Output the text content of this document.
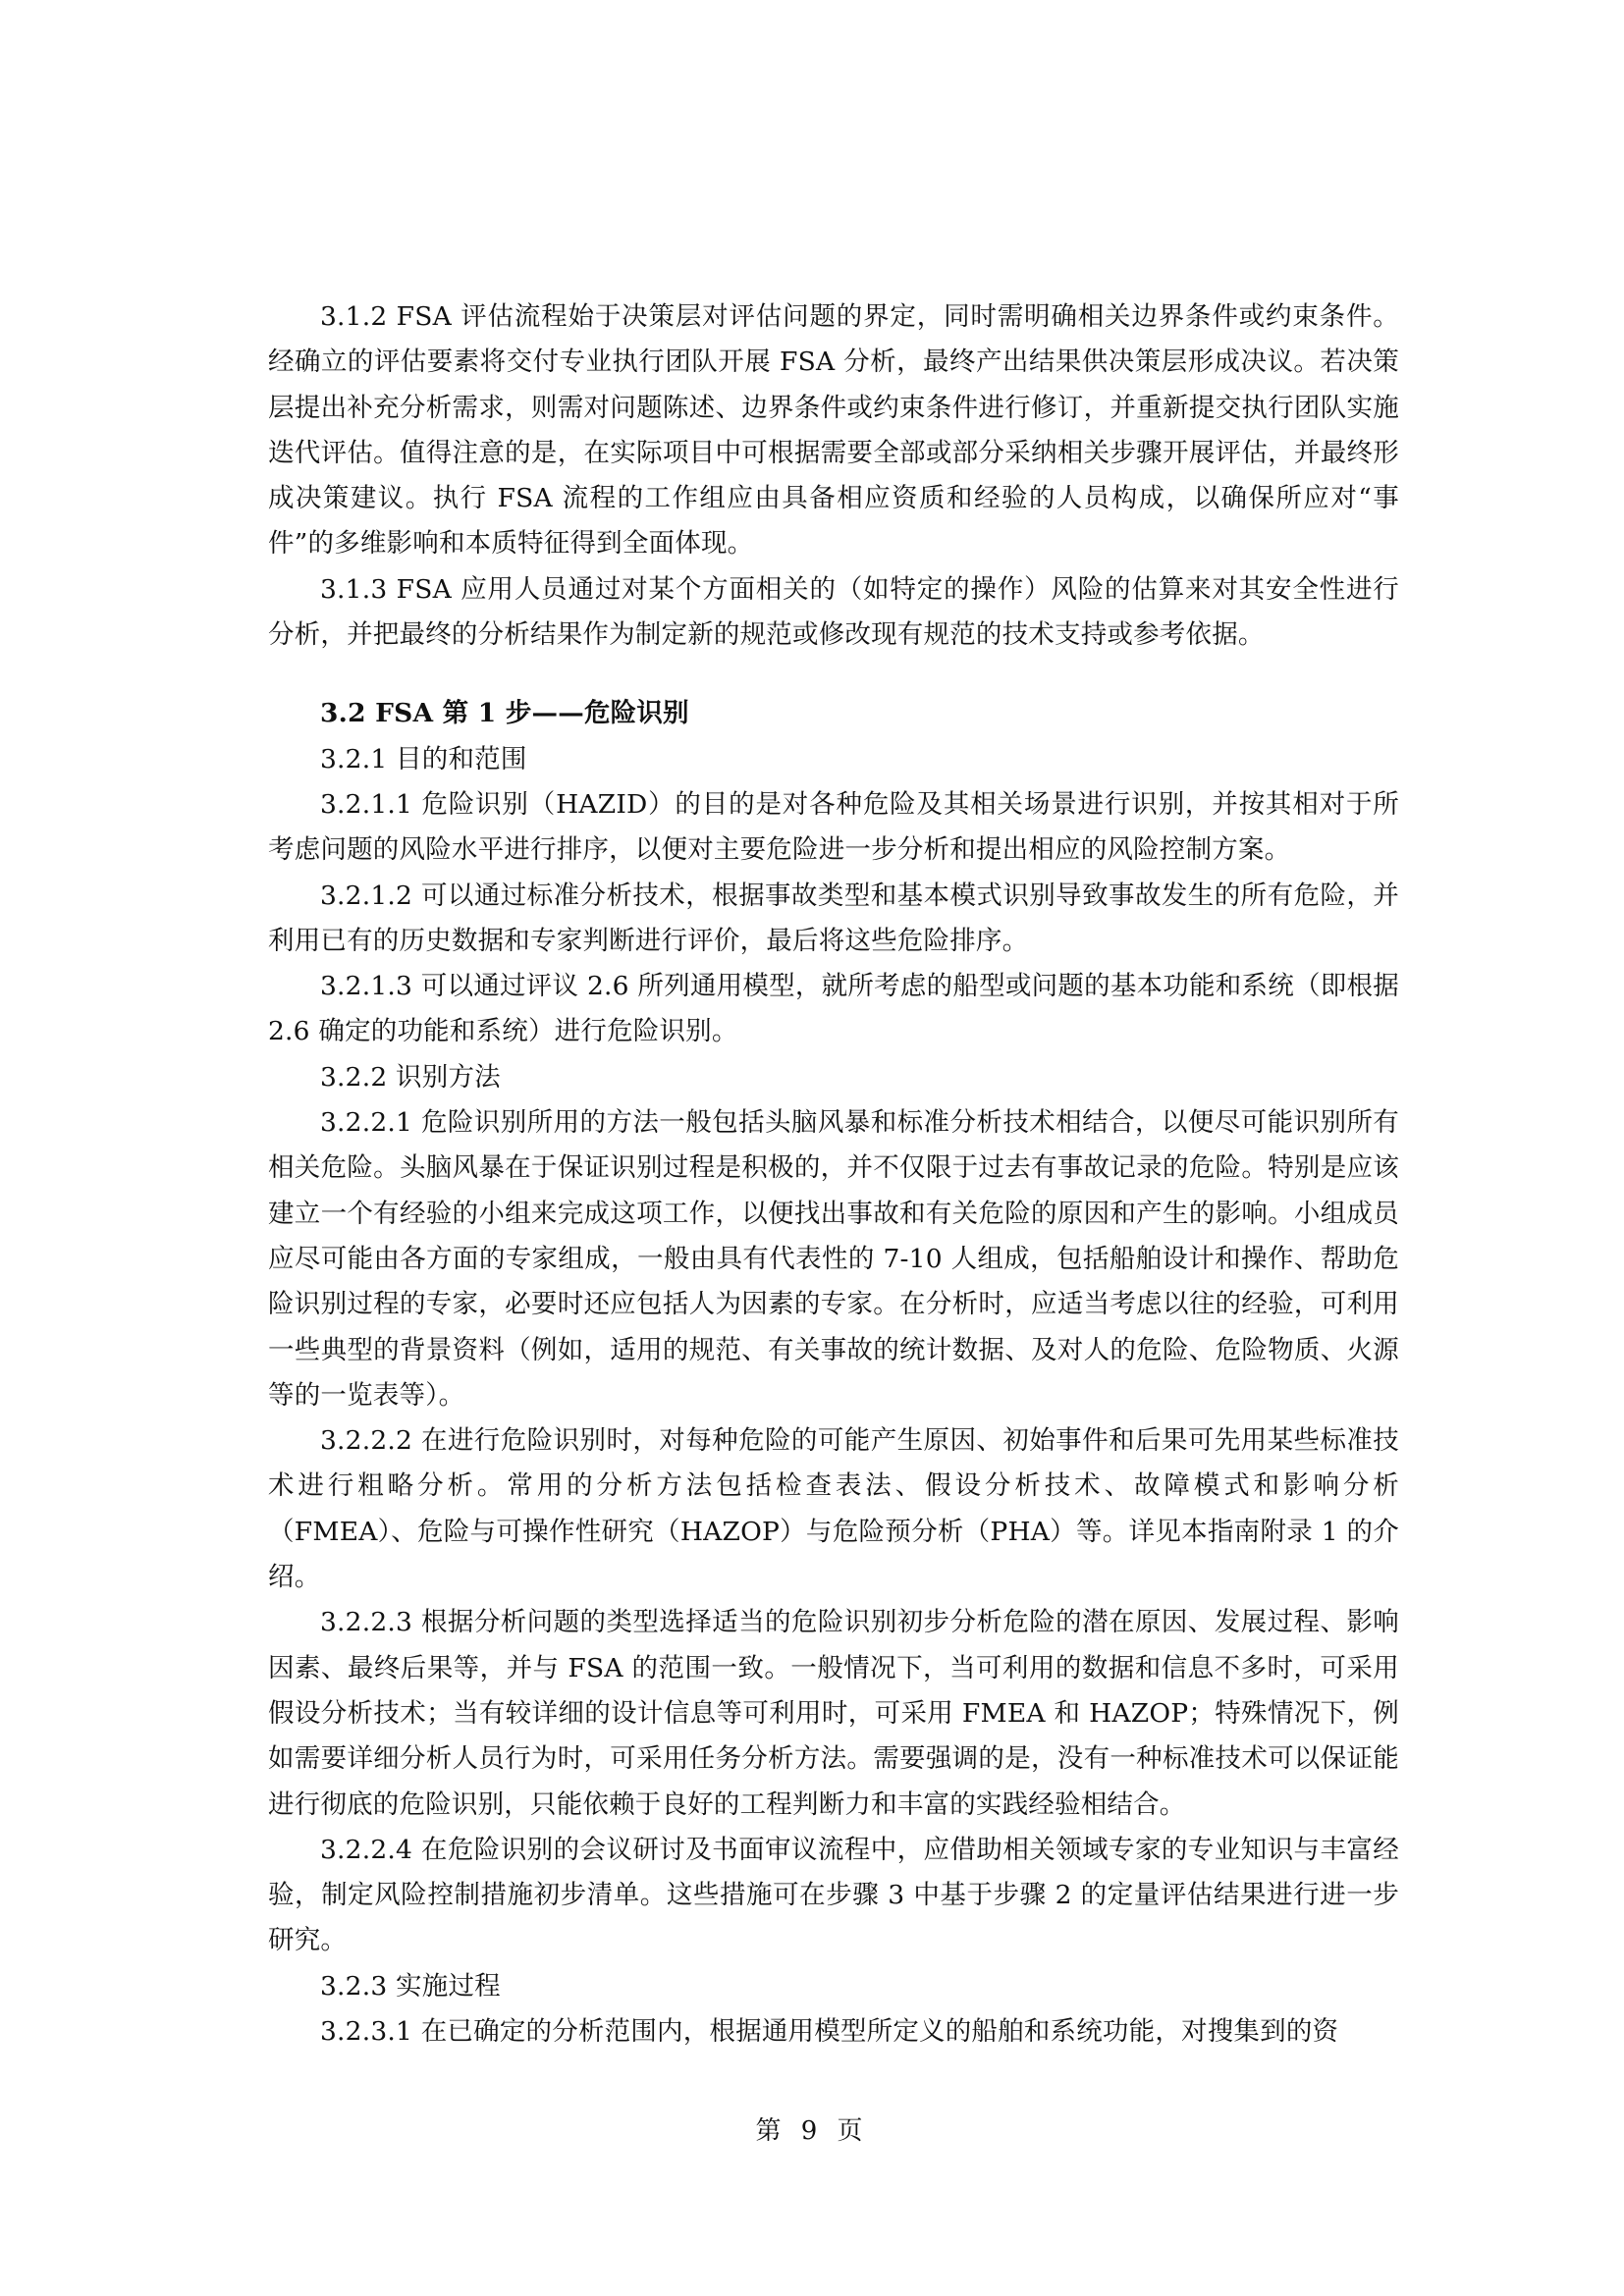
3.1.2 FSA 评估流程始于决策层对评估问题的界定，同时需明确相关边界条件或约束条件。经确立的评估要素将交付专业执行团队开展 FSA 分析，最终产出结果供决策层形成决议。若决策层提出补充分析需求，则需对问题陈述、边界条件或约束条件进行修订，并重新提交执行团队实施迭代评估。值得注意的是，在实际项目中可根据需要全部或部分采纳相关步骤开展评估，并最终形成决策建议。执行 FSA 流程的工作组应由具备相应资质和经验的人员构成，以确保所应对“事件”的多维影响和本质特征得到全面体现。

3.1.3 FSA 应用人员通过对某个方面相关的（如特定的操作）风险的估算来对其安全性进行分析，并把最终的分析结果作为制定新的规范或修改现有规范的技术支持或参考依据。

3.2 FSA 第 1 步——危险识别

3.2.1 目的和范围

3.2.1.1 危险识别（HAZID）的目的是对各种危险及其相关场景进行识别，并按其相对于所考虑问题的风险水平进行排序，以便对主要危险进一步分析和提出相应的风险控制方案。

3.2.1.2 可以通过标准分析技术，根据事故类型和基本模式识别导致事故发生的所有危险，并利用已有的历史数据和专家判断进行评价，最后将这些危险排序。

3.2.1.3 可以通过评议 2.6 所列通用模型，就所考虑的船型或问题的基本功能和系统（即根据 2.6 确定的功能和系统）进行危险识别。

3.2.2 识别方法

3.2.2.1 危险识别所用的方法一般包括头脑风暴和标准分析技术相结合，以便尽可能识别所有相关危险。头脑风暴在于保证识别过程是积极的，并不仅限于过去有事故记录的危险。特别是应该建立一个有经验的小组来完成这项工作，以便找出事故和有关危险的原因和产生的影响。小组成员应尽可能由各方面的专家组成，一般由具有代表性的 7-10 人组成，包括船舶设计和操作、帮助危险识别过程的专家，必要时还应包括人为因素的专家。在分析时，应适当考虑以往的经验，可利用一些典型的背景资料（例如，适用的规范、有关事故的统计数据、及对人的危险、危险物质、火源等的一览表等）。

3.2.2.2 在进行危险识别时，对每种危险的可能产生原因、初始事件和后果可先用某些标准技术进行粗略分析。常用的分析方法包括检查表法、假设分析技术、故障模式和影响分析（FMEA）、危险与可操作性研究（HAZOP）与危险预分析（PHA）等。详见本指南附录 1 的介绍。

3.2.2.3 根据分析问题的类型选择适当的危险识别初步分析危险的潜在原因、发展过程、影响因素、最终后果等，并与 FSA 的范围一致。一般情况下，当可利用的数据和信息不多时，可采用假设分析技术；当有较详细的设计信息等可利用时，可采用 FMEA 和 HAZOP；特殊情况下，例如需要详细分析人员行为时，可采用任务分析方法。需要强调的是，没有一种标准技术可以保证能进行彻底的危险识别，只能依赖于良好的工程判断力和丰富的实践经验相结合。

3.2.2.4 在危险识别的会议研讨及书面审议流程中，应借助相关领域专家的专业知识与丰富经验，制定风险控制措施初步清单。这些措施可在步骤 3 中基于步骤 2 的定量评估结果进行进一步研究。

3.2.3 实施过程

3.2.3.1 在已确定的分析范围内，根据通用模型所定义的船舶和系统功能，对搜集到的资

第 9 页
